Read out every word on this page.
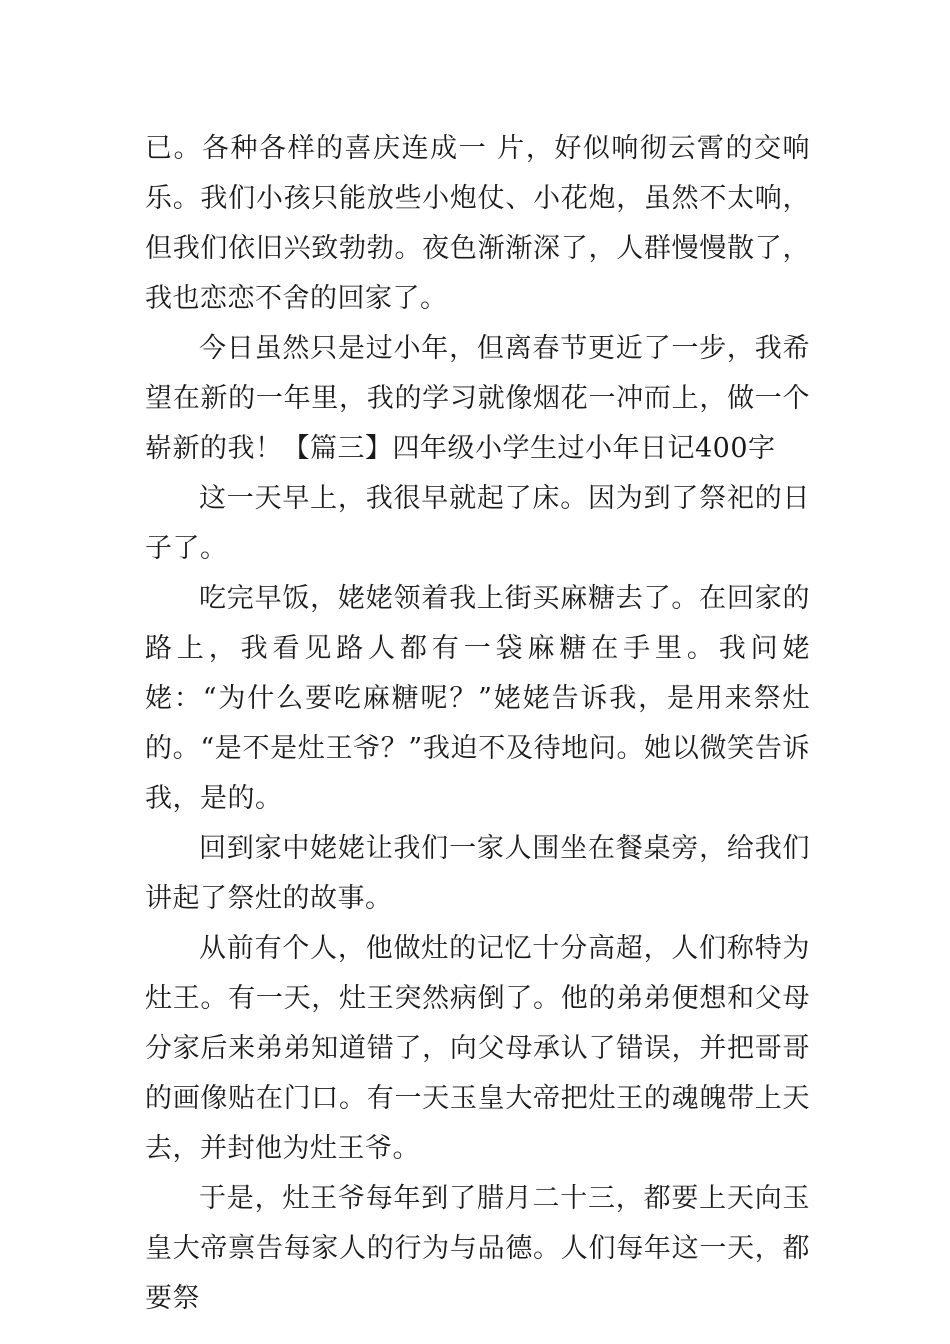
已。各种各样的喜庆连成一 片，好似响彻云霄的交响乐。我们小孩只能放些小炮仗、小花炮，虽然不太响，但我们依旧兴致勃勃。夜色渐渐深了，人群慢慢散了，我也恋恋不舍的回家了。

今日虽然只是过小年，但离春节更近了一步，我希望在新的一年里，我的学习就像烟花一冲而上，做一个崭新的我！【篇三】四年级小学生过小年日记400字

这一天早上，我很早就起了床。因为到了祭祀的日子了。

吃完早饭，姥姥领着我上街买麻糖去了。在回家的路上，我看见路人都有一袋麻糖在手里。我问姥姥：“为什么要吃麻糖呢？”姥姥告诉我，是用来祭灶的。“是不是灶王爷？”我迫不及待地问。她以微笑告诉我，是的。

回到家中姥姥让我们一家人围坐在餐桌旁，给我们讲起了祭灶的故事。

从前有个人，他做灶的记忆十分高超，人们称特为灶王。有一天，灶王突然病倒了。他的弟弟便想和父母分家后来弟弟知道错了，向父母承认了错误，并把哥哥的画像贴在门口。有一天玉皇大帝把灶王的魂魄带上天去，并封他为灶王爷。

于是，灶王爷每年到了腊月二十三，都要上天向玉皇大帝禀告每家人的行为与品德。人们每年这一天，都要祭
